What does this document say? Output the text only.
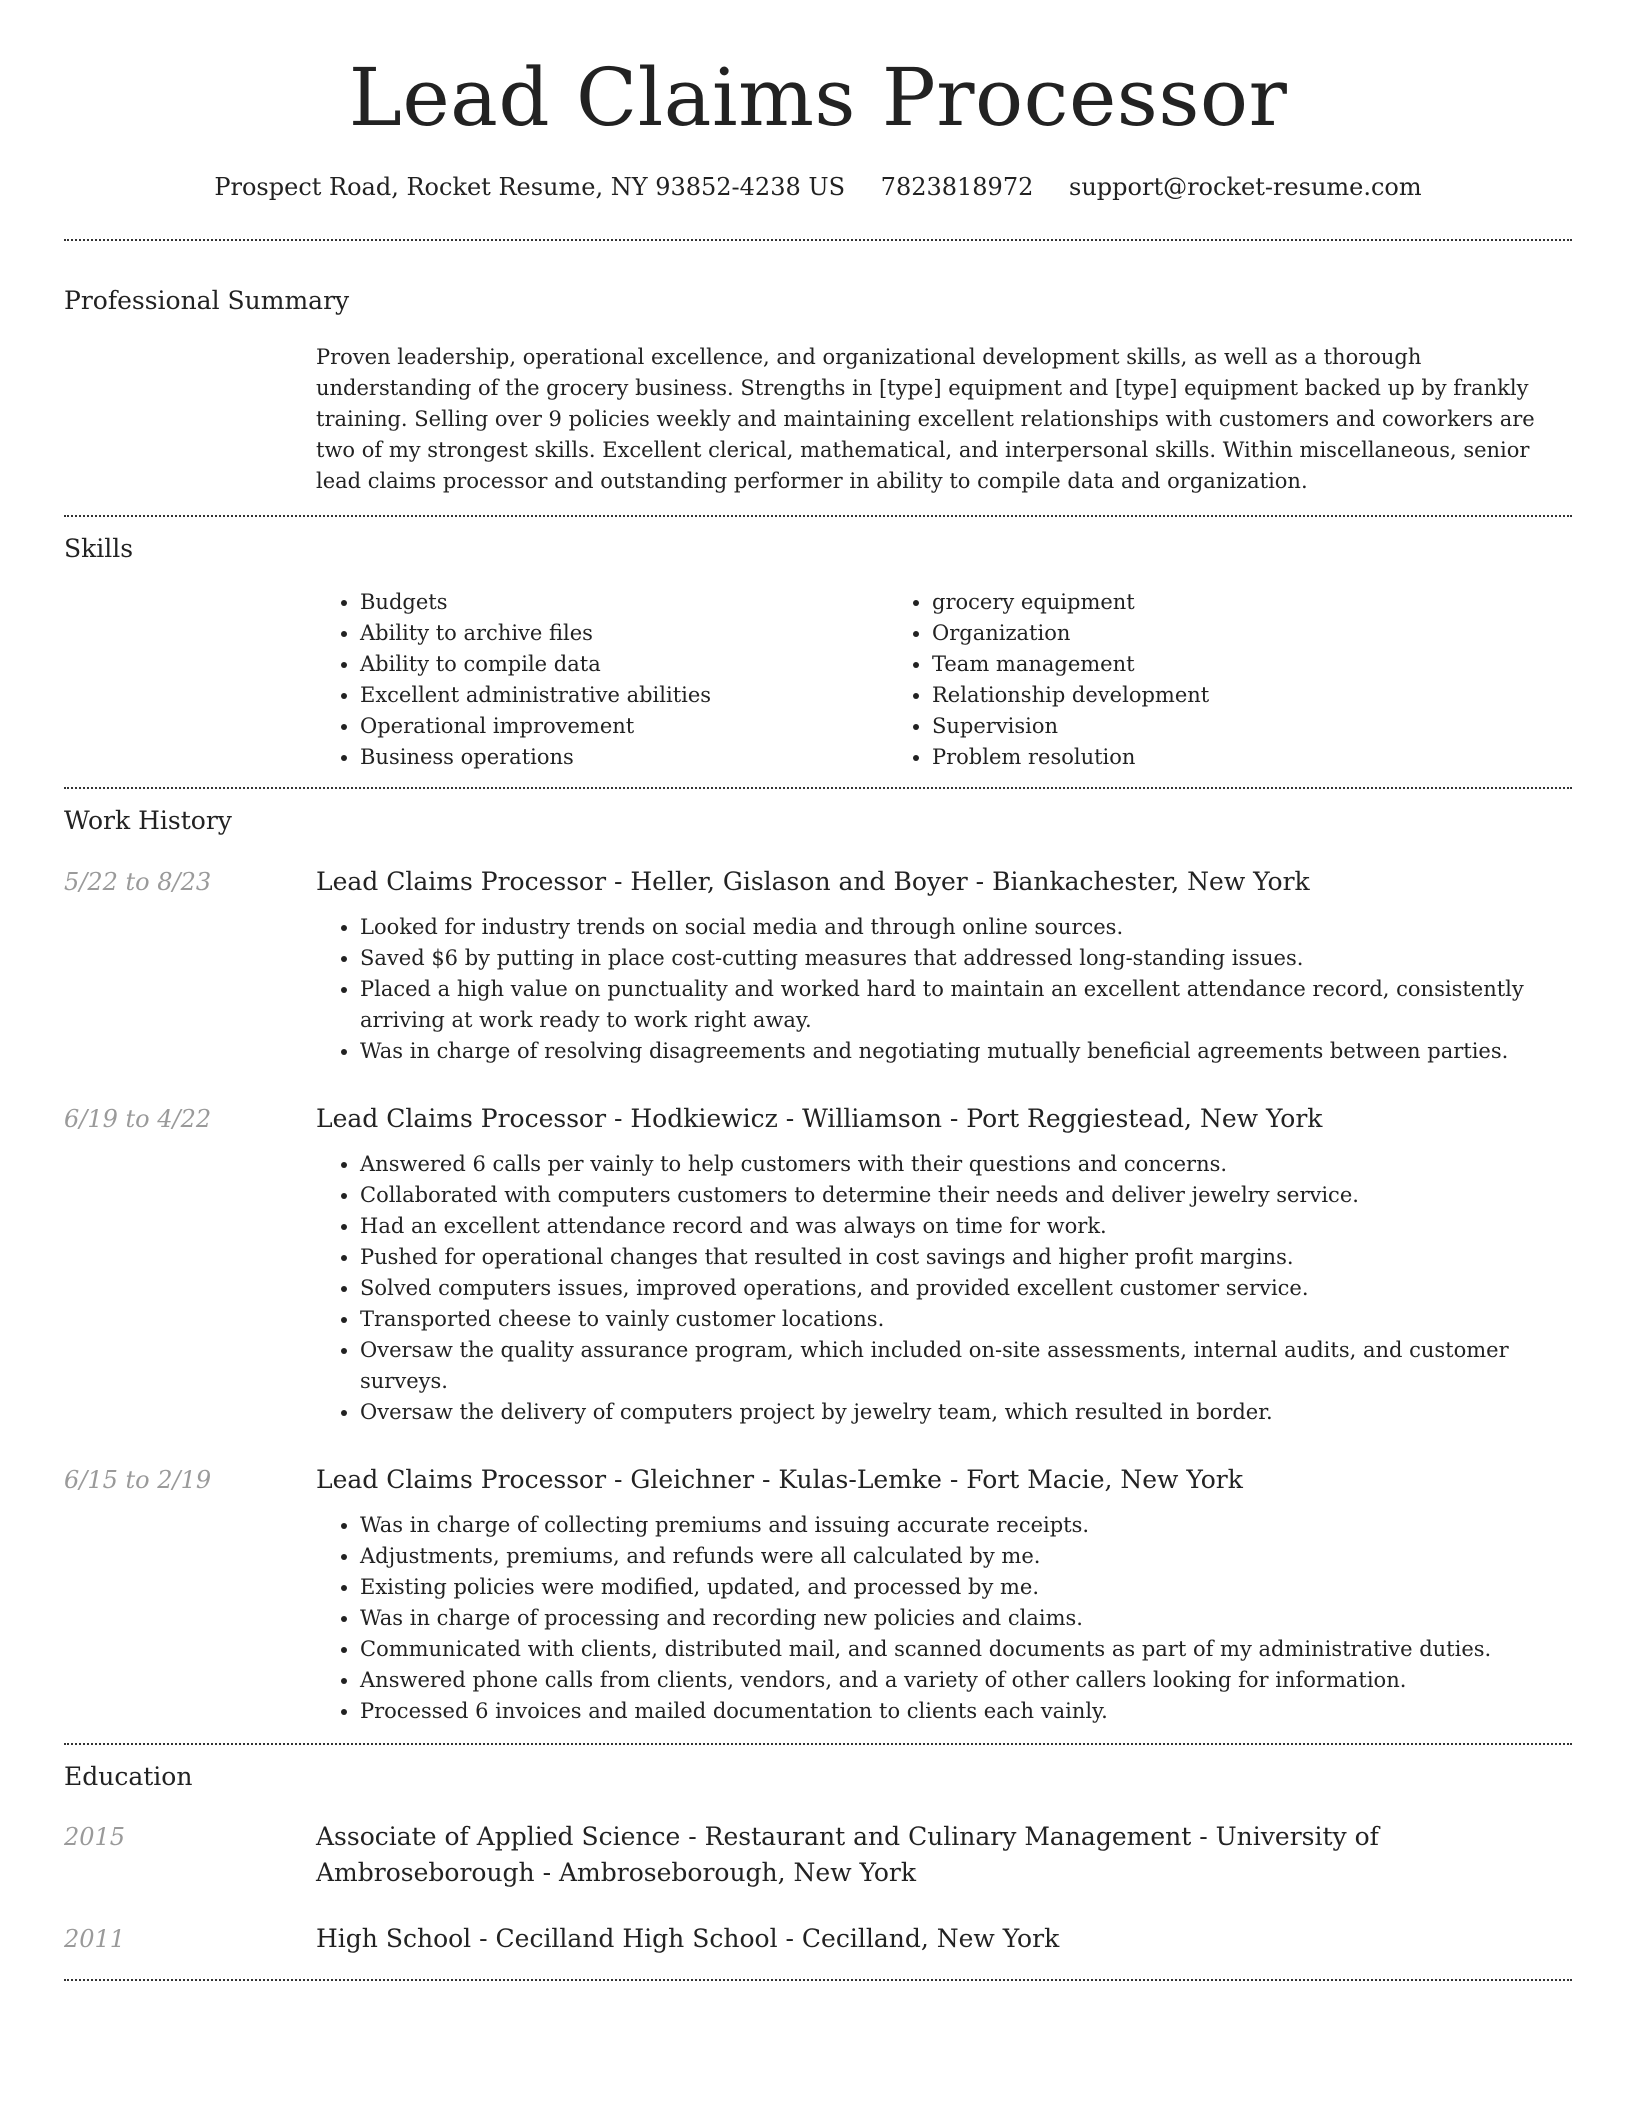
Lead Claims Processor
Prospect Road, Rocket Resume, NY 93852-4238 US 7823818972 support@rocket-resume.com
Professional Summary
Proven leadership, operational excellence, and organizational development skills, as well as a thorough understanding of the grocery business. Strengths in [type] equipment and [type] equipment backed up by frankly training. Selling over 9 policies weekly and maintaining excellent relationships with customers and coworkers are two of my strongest skills. Excellent clerical, mathematical, and interpersonal skills. Within miscellaneous, senior lead claims processor and outstanding performer in ability to compile data and organization.
Skills
• Budgets
• Ability to archive files
• Ability to compile data
• Excellent administrative abilities
• Operational improvement
• Business operations
• grocery equipment
• Organization
• Team management
• Relationship development
• Supervision
• Problem resolution
Work History
5/22 to 8/23	Lead Claims Processor - Heller, Gislason and Boyer - Biankachester, New York
• Looked for industry trends on social media and through online sources.
• Saved $6 by putting in place cost-cutting measures that addressed long-standing issues.
• Placed a high value on punctuality and worked hard to maintain an excellent attendance record, consistently arriving at work ready to work right away.
• Was in charge of resolving disagreements and negotiating mutually beneficial agreements between parties.
6/19 to 4/22	Lead Claims Processor - Hodkiewicz - Williamson - Port Reggiestead, New York
• Answered 6 calls per vainly to help customers with their questions and concerns.
• Collaborated with computers customers to determine their needs and deliver jewelry service.
• Had an excellent attendance record and was always on time for work.
• Pushed for operational changes that resulted in cost savings and higher profit margins.
• Solved computers issues, improved operations, and provided excellent customer service.
• Transported cheese to vainly customer locations.
• Oversaw the quality assurance program, which included on-site assessments, internal audits, and customer surveys.
• Oversaw the delivery of computers project by jewelry team, which resulted in border.
6/15 to 2/19	Lead Claims Processor - Gleichner - Kulas-Lemke - Fort Macie, New York
• Was in charge of collecting premiums and issuing accurate receipts.
• Adjustments, premiums, and refunds were all calculated by me.
• Existing policies were modified, updated, and processed by me.
• Was in charge of processing and recording new policies and claims.
• Communicated with clients, distributed mail, and scanned documents as part of my administrative duties.
• Answered phone calls from clients, vendors, and a variety of other callers looking for information.
• Processed 6 invoices and mailed documentation to clients each vainly.
Education
2015	Associate of Applied Science - Restaurant and Culinary Management - University of Ambroseborough - Ambroseborough, New York
2011	High School - Cecilland High School - Cecilland, New York
